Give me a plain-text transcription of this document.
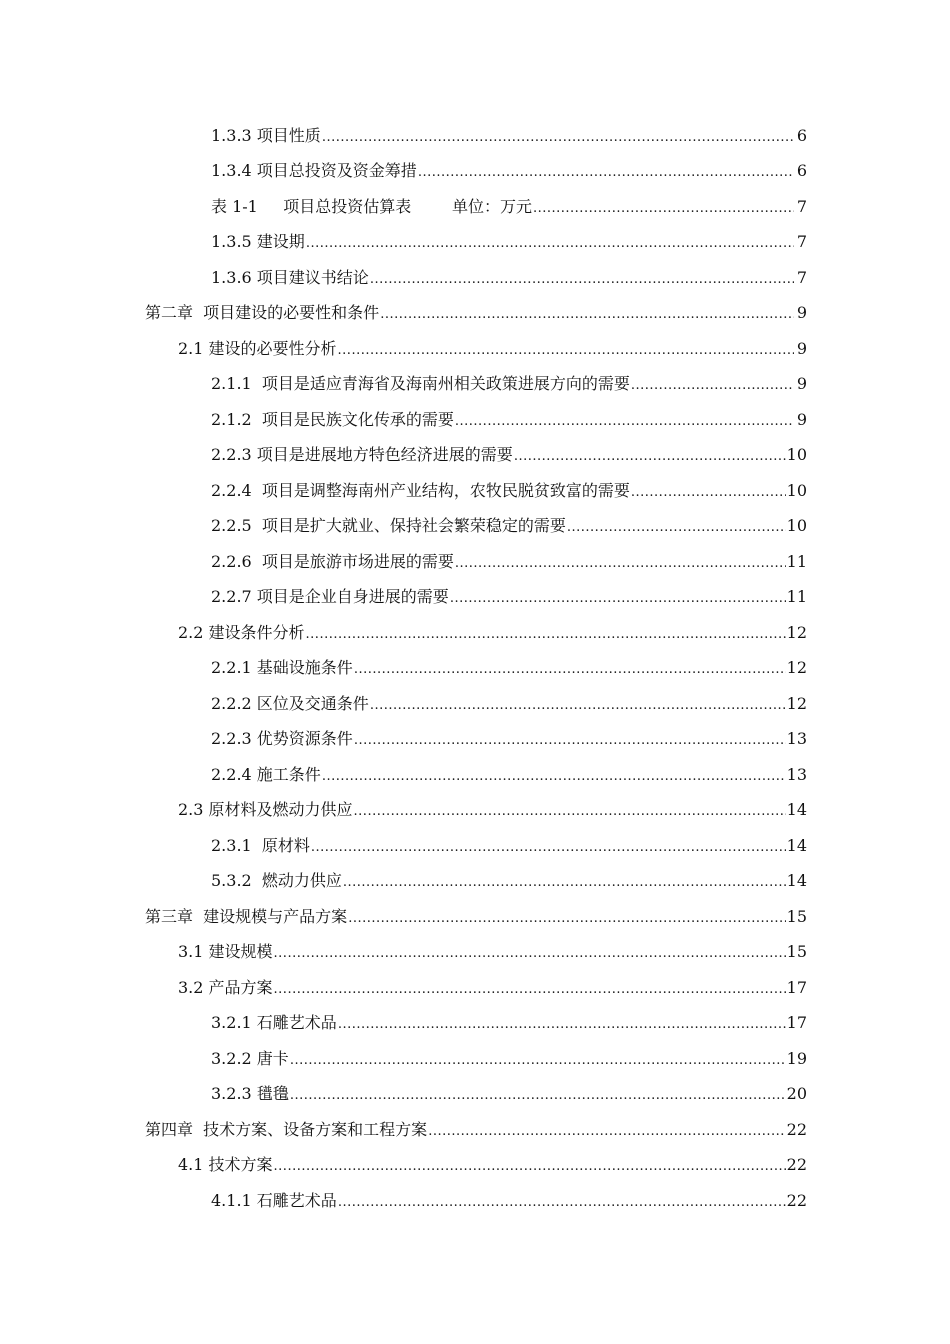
1.3.3 项目性质 .....	6
1.3.4 项目总投资及资金筹措 .....	6
表 1-1     项目总投资估算表        单位：万元 .....	7
1.3.5 建设期 .....	7
1.3.6 项目建议书结论 .....	7
第二章  项目建设的必要性和条件 .....	9
2.1 建设的必要性分析 .....	9
2.1.1  项目是适应青海省及海南州相关政策进展方向的需要 .....	9
2.1.2  项目是民族文化传承的需要 .....	9
2.2.3 项目是进展地方特色经济进展的需要 .....	10
2.2.4  项目是调整海南州产业结构，农牧民脱贫致富的需要 .....	10
2.2.5  项目是扩大就业、保持社会繁荣稳定的需要 .....	10
2.2.6  项目是旅游市场进展的需要 .....	11
2.2.7 项目是企业自身进展的需要 .....	11
2.2 建设条件分析 .....	12
2.2.1 基础设施条件 .....	12
2.2.2 区位及交通条件 .....	12
2.2.3 优势资源条件 .....	13
2.2.4 施工条件 .....	13
2.3 原材料及燃动力供应 .....	14
2.3.1  原材料 .....	14
5.3.2  燃动力供应 .....	14
第三章  建设规模与产品方案 .....	15
3.1 建设规模 .....	15
3.2 产品方案 .....	17
3.2.1 石雕艺术品 .....	17
3.2.2 唐卡 .....	19
3.2.3 氆氇 .....	20
第四章  技术方案、设备方案和工程方案 .....	22
4.1 技术方案 .....	22
4.1.1 石雕艺术品 .....	22
